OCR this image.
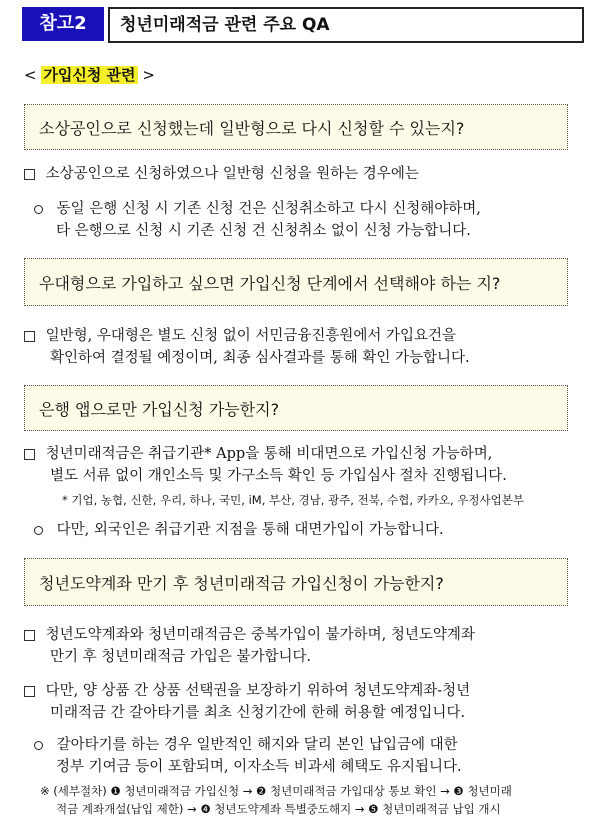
참고2	청년미래적금 관련 주요 QA
< 가입신청 관련 >
소상공인으로 신청했는데 일반형으로 다시 신청할 수 있는지?
소상공인으로 신청하였으나 일반형 신청을 원하는 경우에는
동일 은행 신청 시 기존 신청 건은 신청취소하고 다시 신청해야하며,
타 은행으로 신청 시 기존 신청 건 신청취소 없이 신청 가능합니다.
우대형으로 가입하고 싶으면 가입신청 단계에서 선택해야 하는 지?
일반형, 우대형은 별도 신청 없이 서민금융진흥원에서 가입요건을
확인하여 결정될 예정이며, 최종 심사결과를 통해 확인 가능합니다.
은행 앱으로만 가입신청 가능한지?
청년미래적금은 취급기관* App을 통해 비대면으로 가입신청 가능하며,
별도 서류 없이 개인소득 및 가구소득 확인 등 가입심사 절차 진행됩니다.
* 기업, 농협, 신한, 우리, 하나, 국민, iM, 부산, 경남, 광주, 전북, 수협, 카카오, 우정사업본부
다만, 외국인은 취급기관 지점을 통해 대면가입이 가능합니다.
청년도약계좌 만기 후 청년미래적금 가입신청이 가능한지?
청년도약계좌와 청년미래적금은 중복가입이 불가하며, 청년도약계좌
만기 후 청년미래적금 가입은 불가합니다.
다만, 양 상품 간 상품 선택권을 보장하기 위하여 청년도약계좌-청년
미래적금 간 갈아타기를 최초 신청기간에 한해 허용할 예정입니다.
갈아타기를 하는 경우 일반적인 해지와 달리 본인 납입금에 대한
정부 기여금 등이 포함되며, 이자소득 비과세 혜택도 유지됩니다.
※ (세부절차) ❶ 청년미래적금 가입신청 → ❷ 청년미래적금 가입대상 통보 확인 → ❸ 청년미래
적금 계좌개설(납입 제한) → ❹ 청년도약계좌 특별중도해지 → ❺ 청년미래적금 납입 개시
